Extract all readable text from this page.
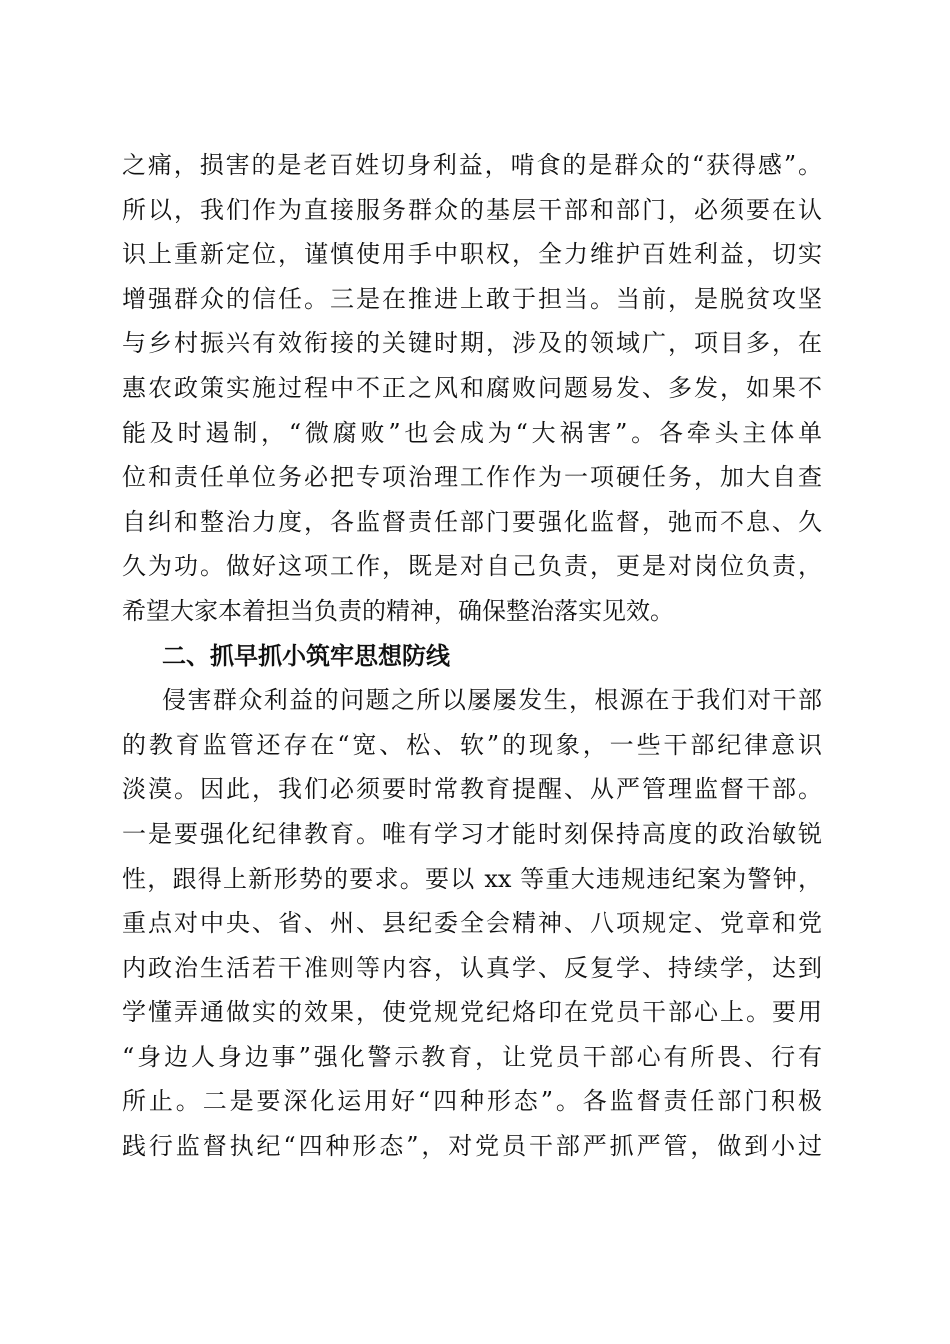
之痛，损害的是老百姓切身利益，啃食的是群众的“获得感”。
所以，我们作为直接服务群众的基层干部和部门，必须要在认
识上重新定位，谨慎使用手中职权，全力维护百姓利益，切实
增强群众的信任。三是在推进上敢于担当。当前，是脱贫攻坚
与乡村振兴有效衔接的关键时期，涉及的领域广，项目多，在
惠农政策实施过程中不正之风和腐败问题易发、多发，如果不
能及时遏制，“微腐败”也会成为“大祸害”。各牵头主体单
位和责任单位务必把专项治理工作作为一项硬任务，加大自查
自纠和整治力度，各监督责任部门要强化监督，弛而不息、久
久为功。做好这项工作，既是对自己负责，更是对岗位负责，
希望大家本着担当负责的精神，确保整治落实见效。
二、抓早抓小筑牢思想防线
侵害群众利益的问题之所以屡屡发生，根源在于我们对干部
的教育监管还存在“宽、松、软”的现象，一些干部纪律意识
淡漠。因此，我们必须要时常教育提醒、从严管理监督干部。
一是要强化纪律教育。唯有学习才能时刻保持高度的政治敏锐
性，跟得上新形势的要求。要以 xx 等重大违规违纪案为警钟，
重点对中央、省、州、县纪委全会精神、八项规定、党章和党
内政治生活若干准则等内容，认真学、反复学、持续学，达到
学懂弄通做实的效果，使党规党纪烙印在党员干部心上。要用
“身边人身边事”强化警示教育，让党员干部心有所畏、行有
所止。二是要深化运用好“四种形态”。各监督责任部门积极
践行监督执纪“四种形态”，对党员干部严抓严管，做到小过
